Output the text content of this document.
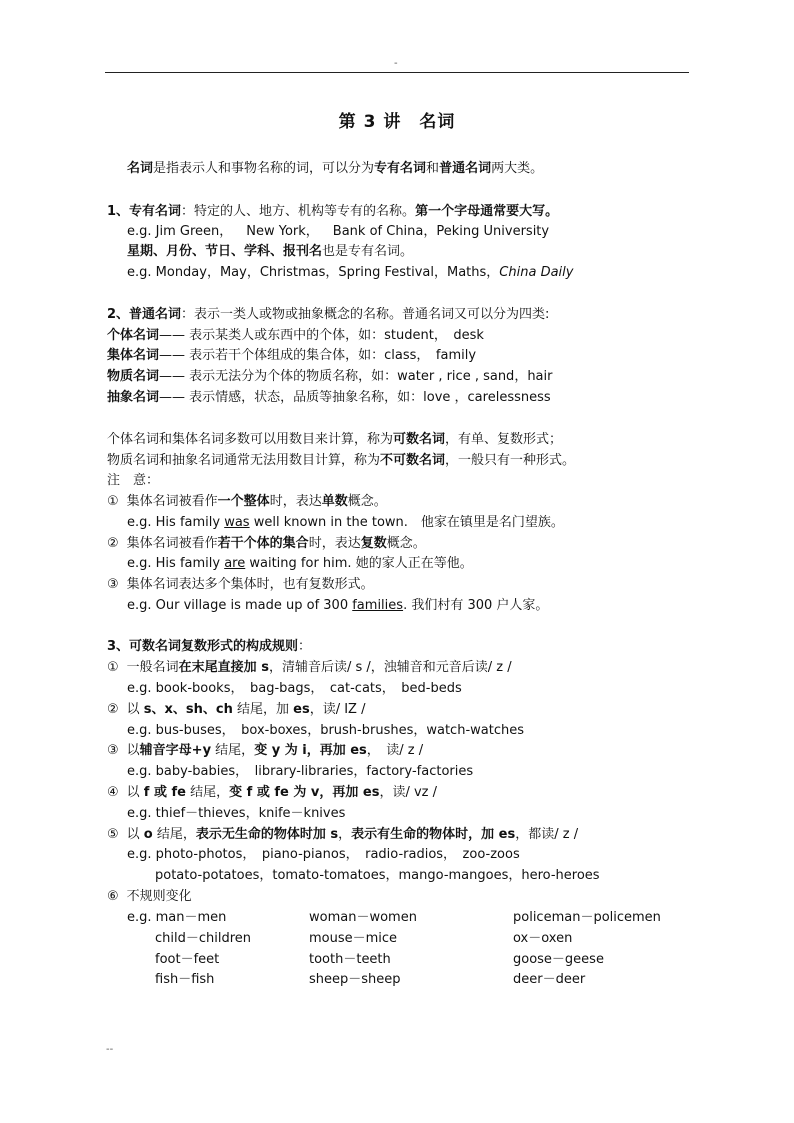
-
第 3 讲　名词
名词是指表示人和事物名称的词，可以分为专有名词和普通名词两大类。
1、专有名词：特定的人、地方、机构等专有的名称。第一个字母通常要大写。
e.g. Jim Green， New York， Bank of China，Peking University
星期、月份、节日、学科、报刊名也是专有名词。
e.g. Monday，May，Christmas，Spring Festival，Maths，China Daily
2、普通名词：表示一类人或物或抽象概念的名称。普通名词又可以分为四类:
个体名词—— 表示某类人或东西中的个体，如：student，　desk
集体名词—— 表示若干个体组成的集合体，如：class，　family
物质名词—— 表示无法分为个体的物质名称，如：water , rice , sand，hair
抽象名词—— 表示情感，状态，品质等抽象名称，如：love ，carelessness
个体名词和集体名词多数可以用数目来计算，称为可数名词，有单、复数形式；
物质名词和抽象名词通常无法用数目计算，称为不可数名词，一般只有一种形式。
注　意：
① 集体名词被看作一个整体时，表达单数概念。
e.g. His family was well known in the town.　他家在镇里是名门望族。
② 集体名词被看作若干个体的集合时，表达复数概念。
e.g. His family are waiting for him. 她的家人正在等他。
③ 集体名词表达多个集体时，也有复数形式。
e.g. Our village is made up of 300 families. 我们村有 300 户人家。
3、可数名词复数形式的构成规则：
① 一般名词在末尾直接加 s，清辅音后读/ s /，浊辅音和元音后读/ z /
e.g. book-books，　bag-bags，　cat-cats，　bed-beds
② 以 s、x、sh、ch 结尾，加 es，读/ IZ /
e.g. bus-buses，　box-boxes，brush-brushes，watch-watches
③ 以辅音字母+y 结尾，变 y 为 i，再加 es，　读/ z /
e.g. baby-babies，　library-libraries，factory-factories
④ 以 f 或 fe 结尾，变 f 或 fe 为 v，再加 es，读/ vz /
e.g. thief－thieves，knife－knives
⑤ 以 o 结尾，表示无生命的物体时加 s，表示有生命的物体时，加 es，都读/ z /
e.g. photo-photos，　piano-pianos，　radio-radios，　zoo-zoos
potato-potatoes，tomato-tomatoes，mango-mangoes，hero-heroes
⑥ 不规则变化
e.g. man－men	woman－women	policeman－policemen
child－children	mouse－mice	ox－oxen
foot－feet	tooth－teeth	goose－geese
fish－fish	sheep－sheep	deer－deer
--
